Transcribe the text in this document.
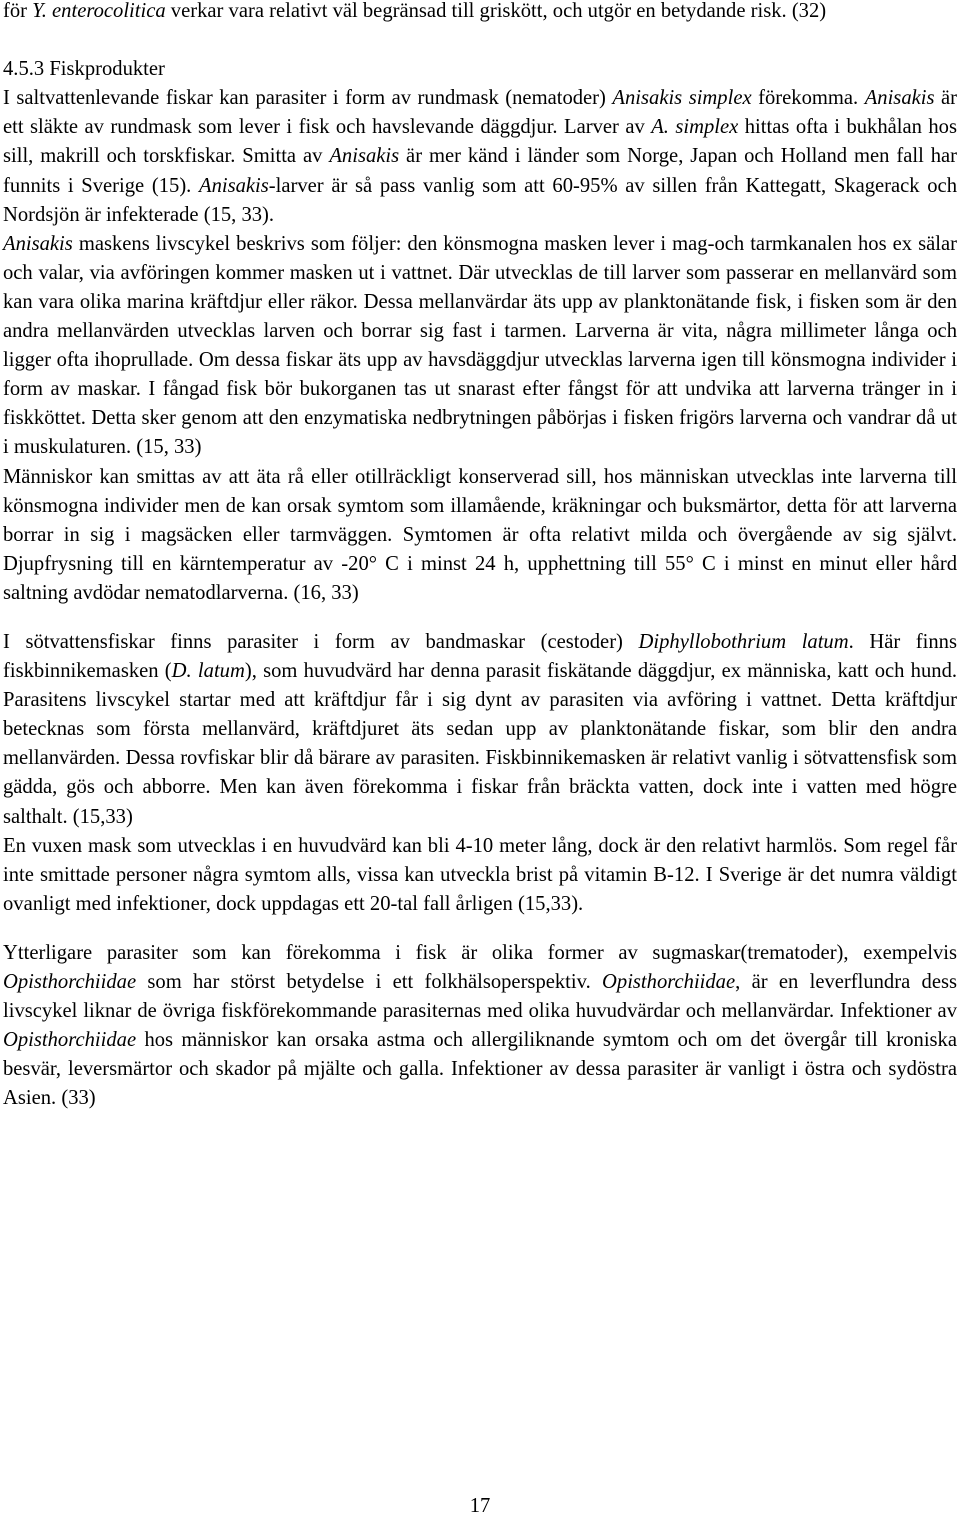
för Y. enterocolitica verkar vara relativt väl begränsad till griskött, och utgör en betydande risk. (32)

4.5.3 Fiskprodukter

I saltvattenlevande fiskar kan parasiter i form av rundmask (nematoder) Anisakis simplex förekomma. Anisakis är ett släkte av rundmask som lever i fisk och havslevande däggdjur. Larver av A. simplex hittas ofta i bukhålan hos sill, makrill och torskfiskar. Smitta av Anisakis är mer känd i länder som Norge, Japan och Holland men fall har funnits i Sverige (15). Anisakis-larver är så pass vanlig som att 60-95% av sillen från Kattegatt, Skagerack och Nordsjön är infekterade (15, 33).

Anisakis maskens livscykel beskrivs som följer: den könsmogna masken lever i mag-och tarmkanalen hos ex sälar och valar, via avföringen kommer masken ut i vattnet. Där utvecklas de till larver som passerar en mellanvärd som kan vara olika marina kräftdjur eller räkor. Dessa mellanvärdar äts upp av planktonätande fisk, i fisken som är den andra mellanvärden utvecklas larven och borrar sig fast i tarmen. Larverna är vita, några millimeter långa och ligger ofta ihoprullade. Om dessa fiskar äts upp av havsdäggdjur utvecklas larverna igen till könsmogna individer i form av maskar. I fångad fisk bör bukorganen tas ut snarast efter fångst för att undvika att larverna tränger in i fiskköttet. Detta sker genom att den enzymatiska nedbrytningen påbörjas i fisken frigörs larverna och vandrar då ut i muskulaturen. (15, 33)

Människor kan smittas av att äta rå eller otillräckligt konserverad sill, hos människan utvecklas inte larverna till könsmogna individer men de kan orsak symtom som illamående, kräkningar och buksmärtor, detta för att larverna borrar in sig i magsäcken eller tarmväggen. Symtomen är ofta relativt milda och övergående av sig självt. Djupfrysning till en kärntemperatur av -20° C i minst 24 h, upphettning till 55° C i minst en minut eller hård saltning avdödar nematodlarverna. (16, 33)

I sötvattensfiskar finns parasiter i form av bandmaskar (cestoder) Diphyllobothrium latum. Här finns fiskbinnikemasken (D. latum), som huvudvärd har denna parasit fiskätande däggdjur, ex människa, katt och hund. Parasitens livscykel startar med att kräftdjur får i sig dynt av parasiten via avföring i vattnet. Detta kräftdjur betecknas som första mellanvärd, kräftdjuret äts sedan upp av planktonätande fiskar, som blir den andra mellanvärden. Dessa rovfiskar blir då bärare av parasiten. Fiskbinnikemasken är relativt vanlig i sötvattensfisk som gädda, gös och abborre. Men kan även förekomma i fiskar från bräckta vatten, dock inte i vatten med högre salthalt. (15,33)

En vuxen mask som utvecklas i en huvudvärd kan bli 4-10 meter lång, dock är den relativt harmlös. Som regel får inte smittade personer några symtom alls, vissa kan utveckla brist på vitamin B-12. I Sverige är det numra väldigt ovanligt med infektioner, dock uppdagas ett 20-tal fall årligen (15,33).

Ytterligare parasiter som kan förekomma i fisk är olika former av sugmaskar(trematoder), exempelvis Opisthorchiidae som har störst betydelse i ett folkhälsoperspektiv. Opisthorchiidae, är en leverflundra dess livscykel liknar de övriga fiskförekommande parasiternas med olika huvudvärdar och mellanvärdar. Infektioner av Opisthorchiidae hos människor kan orsaka astma och allergiliknande symtom och om det övergår till kroniska besvär, leversmärtor och skador på mjälte och galla. Infektioner av dessa parasiter är vanligt i östra och sydöstra Asien. (33)

17
